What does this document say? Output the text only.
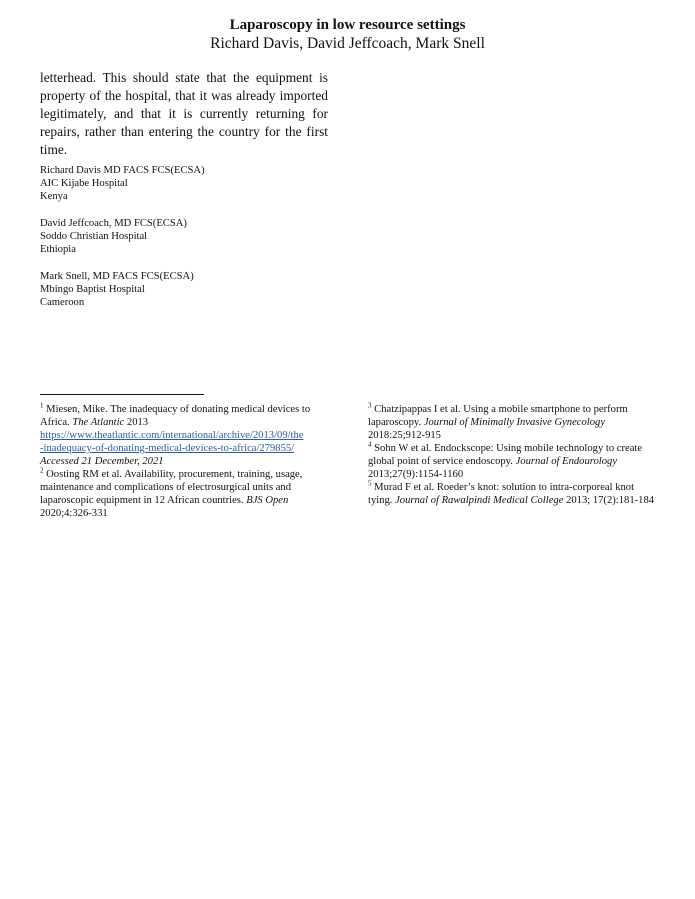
Laparoscopy in low resource settings
Richard Davis, David Jeffcoach, Mark Snell

letterhead. This should state that the equipment is property of the hospital, that it was already imported legitimately, and that it is currently returning for repairs, rather than entering the country for the first time.

Richard Davis MD FACS FCS(ECSA)
AIC Kijabe Hospital
Kenya
David Jeffcoach, MD FCS(ECSA)
Soddo Christian Hospital
Ethiopia
Mark Snell, MD FACS FCS(ECSA)
Mbingo Baptist Hospital
Cameroon

$^1$ Miesen, Mike. The inadequacy of donating medical devices to Africa. The Atlantic 2013
https://www.theatlantic.com/international/archive/2013/09/the
-inadequacy-of-donating-medical-devices-to-africa/279855/
Accessed 21 December, 2021

$^2$ Oosting RM et al. Availability, procurement, training, usage, maintenance and complications of electrosurgical units and laparoscopic equipment in 12 African countries. BJS Open 2020;4:326-331

$^3$ Chatzipappas I et al. Using a mobile smartphone to perform laparoscopy. Journal of Minimally Invasive Gynecology 2018:25;912-915

$^4$ Sohn W et al. Endockscope: Using mobile technology to create global point of service endoscopy. Journal of Endourology 2013;27(9):1154-1160

$^5$ Murad F et al. Roeder’s knot: solution to intra-corporeal knot tying. Journal of Rawalpindi Medical College 2013; 17(2):181-184
